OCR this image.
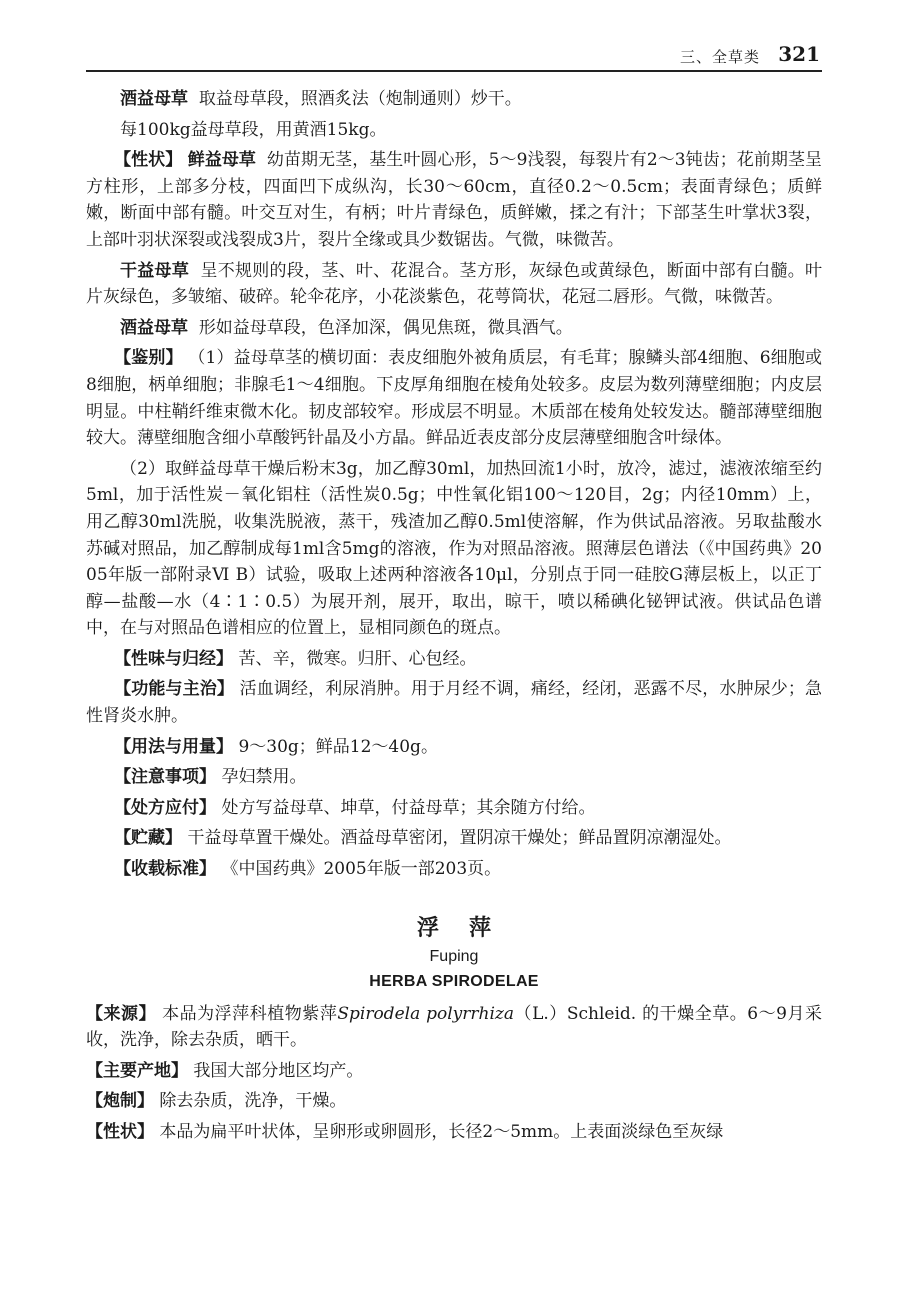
三、全草类 321

酒益母草 取益母草段，照酒炙法（炮制通则）炒干。

每100kg益母草段，用黄酒15kg。

【性状】 鲜益母草 幼苗期无茎，基生叶圆心形，5～9浅裂，每裂片有2～3钝齿；花前期茎呈方柱形，上部多分枝，四面凹下成纵沟，长30～60cm，直径0.2～0.5cm；表面青绿色；质鲜嫩，断面中部有髓。叶交互对生，有柄；叶片青绿色，质鲜嫩，揉之有汁；下部茎生叶掌状3裂，上部叶羽状深裂或浅裂成3片，裂片全缘或具少数锯齿。气微，味微苦。

干益母草 呈不规则的段，茎、叶、花混合。茎方形，灰绿色或黄绿色，断面中部有白髓。叶片灰绿色，多皱缩、破碎。轮伞花序，小花淡紫色，花萼筒状，花冠二唇形。气微，味微苦。

酒益母草 形如益母草段，色泽加深，偶见焦斑，微具酒气。

【鉴别】 （1）益母草茎的横切面：表皮细胞外被角质层，有毛茸；腺鳞头部4细胞、6细胞或8细胞，柄单细胞；非腺毛1～4细胞。下皮厚角细胞在棱角处较多。皮层为数列薄壁细胞；内皮层明显。中柱鞘纤维束微木化。韧皮部较窄。形成层不明显。木质部在棱角处较发达。髓部薄壁细胞较大。薄壁细胞含细小草酸钙针晶及小方晶。鲜品近表皮部分皮层薄壁细胞含叶绿体。

（2）取鲜益母草干燥后粉末3g，加乙醇30ml，加热回流1小时，放冷，滤过，滤液浓缩至约5ml，加于活性炭－氧化铝柱（活性炭0.5g；中性氧化铝100～120目，2g；内径10mm）上，用乙醇30ml洗脱，收集洗脱液，蒸干，残渣加乙醇0.5ml使溶解，作为供试品溶液。另取盐酸水苏碱对照品，加乙醇制成每1ml含5mg的溶液，作为对照品溶液。照薄层色谱法（《中国药典》2005年版一部附录Ⅵ B）试验，吸取上述两种溶液各10μl，分别点于同一硅胶G薄层板上，以正丁醇—盐酸—水（4∶1∶0.5）为展开剂，展开，取出，晾干，喷以稀碘化铋钾试液。供试品色谱中，在与对照品色谱相应的位置上，显相同颜色的斑点。

【性味与归经】 苦、辛，微寒。归肝、心包经。

【功能与主治】 活血调经，利尿消肿。用于月经不调，痛经，经闭，恶露不尽，水肿尿少；急性肾炎水肿。

【用法与用量】 9～30g；鲜品12～40g。

【注意事项】 孕妇禁用。

【处方应付】 处方写益母草、坤草，付益母草；其余随方付给。

【贮藏】 干益母草置干燥处。酒益母草密闭，置阴凉干燥处；鲜品置阴凉潮湿处。

【收载标准】 《中国药典》2005年版一部203页。

浮萍
Fuping
HERBA SPIRODELAE

【来源】 本品为浮萍科植物紫萍Spirodela polyrrhiza（L.）Schleid. 的干燥全草。6～9月采收，洗净，除去杂质，晒干。

【主要产地】 我国大部分地区均产。

【炮制】 除去杂质，洗净，干燥。

【性状】 本品为扁平叶状体，呈卵形或卵圆形，长径2～5mm。上表面淡绿色至灰绿
